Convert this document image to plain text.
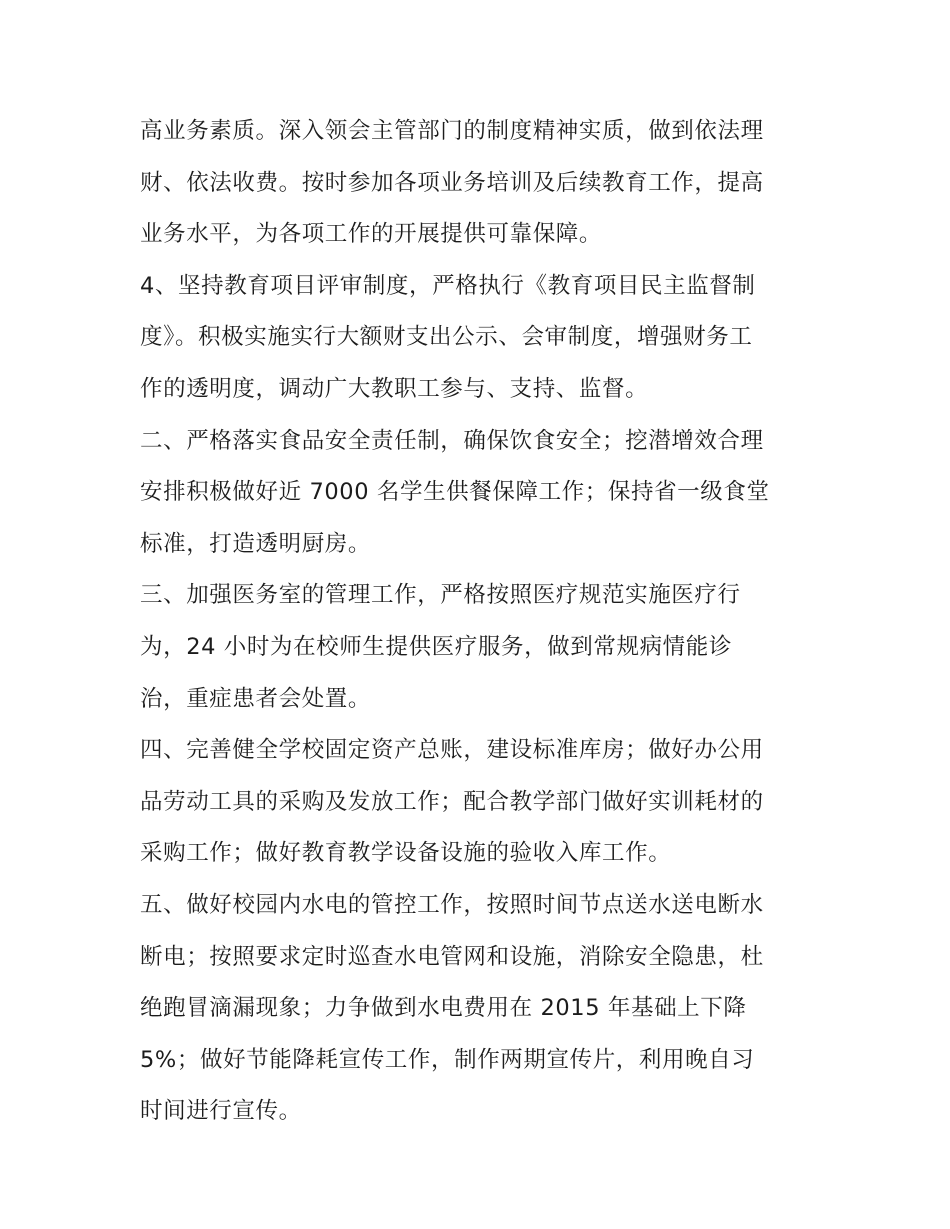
高业务素质。深入领会主管部门的制度精神实质，做到依法理
财、依法收费。按时参加各项业务培训及后续教育工作，提高
业务水平，为各项工作的开展提供可靠保障。
4、坚持教育项目评审制度，严格执行《教育项目民主监督制
度》。积极实施实行大额财支出公示、会审制度，增强财务工
作的透明度，调动广大教职工参与、支持、监督。
二、严格落实食品安全责任制，确保饮食安全；挖潜增效合理
安排积极做好近 7000 名学生供餐保障工作；保持省一级食堂
标准，打造透明厨房。
三、加强医务室的管理工作，严格按照医疗规范实施医疗行
为，24 小时为在校师生提供医疗服务，做到常规病情能诊
治，重症患者会处置。
四、完善健全学校固定资产总账，建设标准库房；做好办公用
品劳动工具的采购及发放工作；配合教学部门做好实训耗材的
采购工作；做好教育教学设备设施的验收入库工作。
五、做好校园内水电的管控工作，按照时间节点送水送电断水
断电；按照要求定时巡查水电管网和设施，消除安全隐患，杜
绝跑冒滴漏现象；力争做到水电费用在 2015 年基础上下降
5%；做好节能降耗宣传工作，制作两期宣传片，利用晚自习
时间进行宣传。
